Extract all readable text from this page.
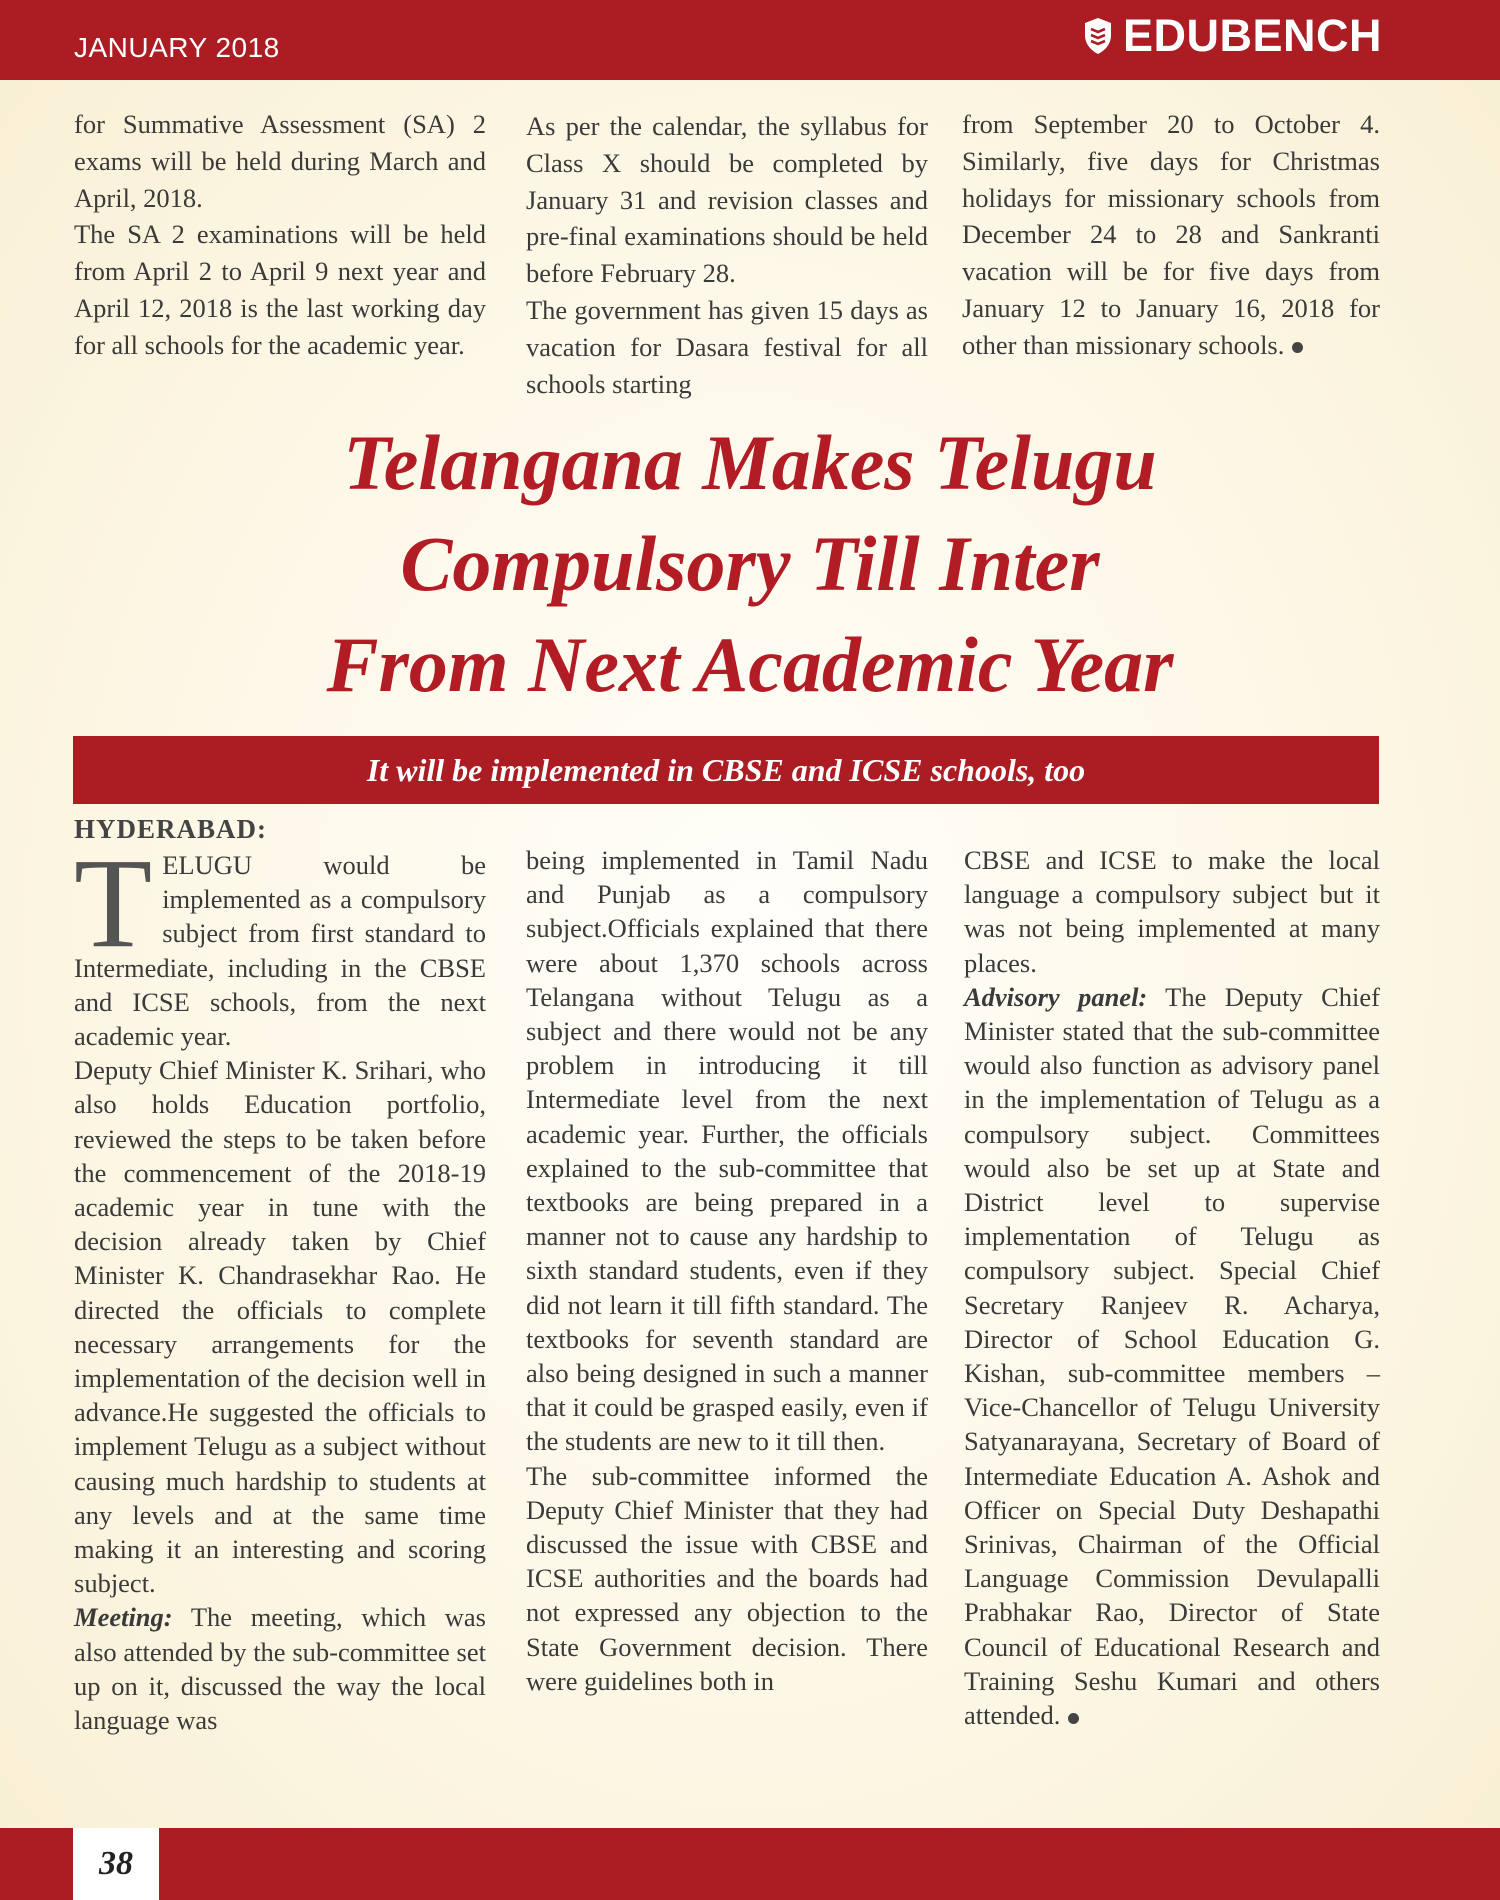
JANUARY 2018	EDUBENCH

for Summative Assessment (SA) 2 exams will be held during March and April, 2018.

The SA 2 examinations will be held from April 2 to April 9 next year and April 12, 2018 is the last working day for all schools for the academic year.

As per the calendar, the syllabus for Class X should be completed by January 31 and revision classes and pre-final examinations should be held before February 28.

The government has given 15 days as vacation for Dasara festival for all schools starting

from September 20 to October 4. Similarly, five days for Christmas holidays for missionary schools from December 24 to 28 and Sankranti vacation will be for five days from January 12 to January 16, 2018 for other than missionary schools.

Telangana Makes Telugu
Compulsory Till Inter
From Next Academic Year
It will be implemented in CBSE and ICSE schools, too
HYDERABAD:

TELUGU would be implemented as a compulsory subject from first standard to Intermediate, including in the CBSE and ICSE schools, from the next academic year.

Deputy Chief Minister K. Srihari, who also holds Education portfolio, reviewed the steps to be taken before the commencement of the 2018-19 academic year in tune with the decision already taken by Chief Minister K. Chandrasekhar Rao. He directed the officials to complete necessary arrangements for the implementation of the decision well in advance.He suggested the officials to implement Telugu as a subject without causing much hardship to students at any levels and at the same time making it an interesting and scoring subject.

Meeting: The meeting, which was also attended by the sub-committee set up on it, discussed the way the local language was

being implemented in Tamil Nadu and Punjab as a compulsory subject.Officials explained that there were about 1,370 schools across Telangana without Telugu as a subject and there would not be any problem in introducing it till Intermediate level from the next academic year. Further, the officials explained to the sub-committee that textbooks are being prepared in a manner not to cause any hardship to sixth standard students, even if they did not learn it till fifth standard. The textbooks for seventh standard are also being designed in such a manner that it could be grasped easily, even if the students are new to it till then.

The sub-committee informed the Deputy Chief Minister that they had discussed the issue with CBSE and ICSE authorities and the boards had not expressed any objection to the State Government decision. There were guidelines both in

CBSE and ICSE to make the local language a compulsory subject but it was not being implemented at many places.

Advisory panel: The Deputy Chief Minister stated that the sub-committee would also function as advisory panel in the implementation of Telugu as a compulsory subject. Committees would also be set up at State and District level to supervise implementation of Telugu as compulsory subject. Special Chief Secretary Ranjeev R. Acharya, Director of School Education G. Kishan, sub-committee members – Vice-Chancellor of Telugu University Satyanarayana, Secretary of Board of Intermediate Education A. Ashok and Officer on Special Duty Deshapathi Srinivas, Chairman of the Official Language Commission Devulapalli Prabhakar Rao, Director of State Council of Educational Research and Training Seshu Kumari and others attended.

38
